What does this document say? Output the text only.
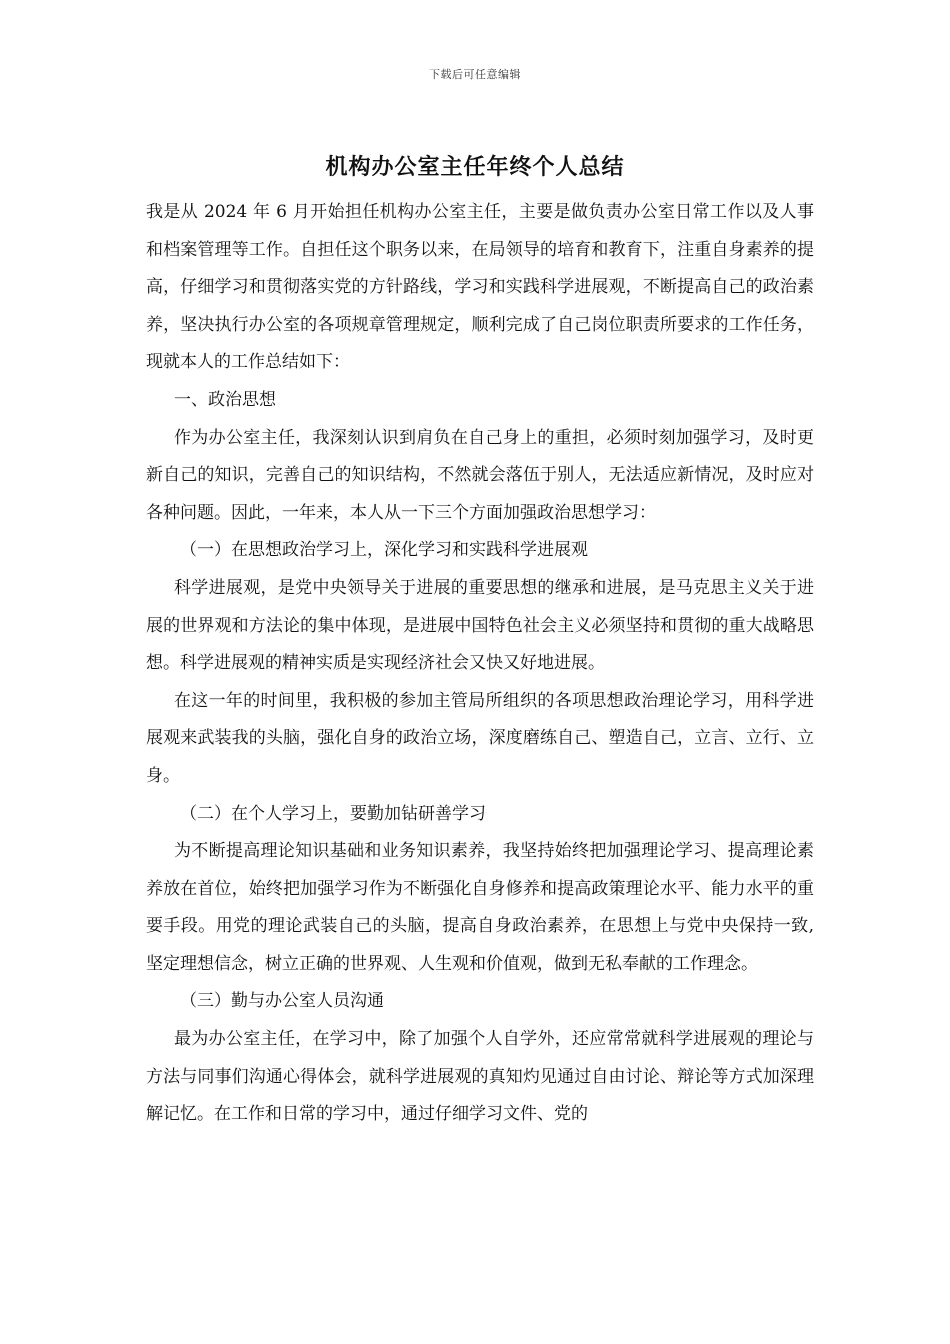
下载后可任意编辑
机构办公室主任年终个人总结

我是从 2024 年 6 月开始担任机构办公室主任，主要是做负责办公室日常工作以及人事和档案管理等工作。自担任这个职务以来，在局领导的培育和教育下，注重自身素养的提高，仔细学习和贯彻落实党的方针路线，学习和实践科学进展观，不断提高自己的政治素养，坚决执行办公室的各项规章管理规定，顺利完成了自己岗位职责所要求的工作任务，现就本人的工作总结如下：

一、政治思想

作为办公室主任，我深刻认识到肩负在自己身上的重担，必须时刻加强学习，及时更新自己的知识，完善自己的知识结构，不然就会落伍于别人，无法适应新情况，及时应对各种问题。因此，一年来，本人从一下三个方面加强政治思想学习：

（一）在思想政治学习上，深化学习和实践科学进展观

科学进展观，是党中央领导关于进展的重要思想的继承和进展，是马克思主义关于进展的世界观和方法论的集中体现，是进展中国特色社会主义必须坚持和贯彻的重大战略思想。科学进展观的精神实质是实现经济社会又快又好地进展。

在这一年的时间里，我积极的参加主管局所组织的各项思想政治理论学习，用科学进展观来武装我的头脑，强化自身的政治立场，深度磨练自己、塑造自己，立言、立行、立身。

（二）在个人学习上，要勤加钻研善学习

为不断提高理论知识基础和业务知识素养，我坚持始终把加强理论学习、提高理论素养放在首位，始终把加强学习作为不断强化自身修养和提高政策理论水平、能力水平的重要手段。用党的理论武装自己的头脑，提高自身政治素养，在思想上与党中央保持一致,坚定理想信念，树立正确的世界观、人生观和价值观，做到无私奉献的工作理念。

（三）勤与办公室人员沟通

最为办公室主任，在学习中，除了加强个人自学外，还应常常就科学进展观的理论与方法与同事们沟通心得体会，就科学进展观的真知灼见通过自由讨论、辩论等方式加深理解记忆。在工作和日常的学习中，通过仔细学习文件、党的
